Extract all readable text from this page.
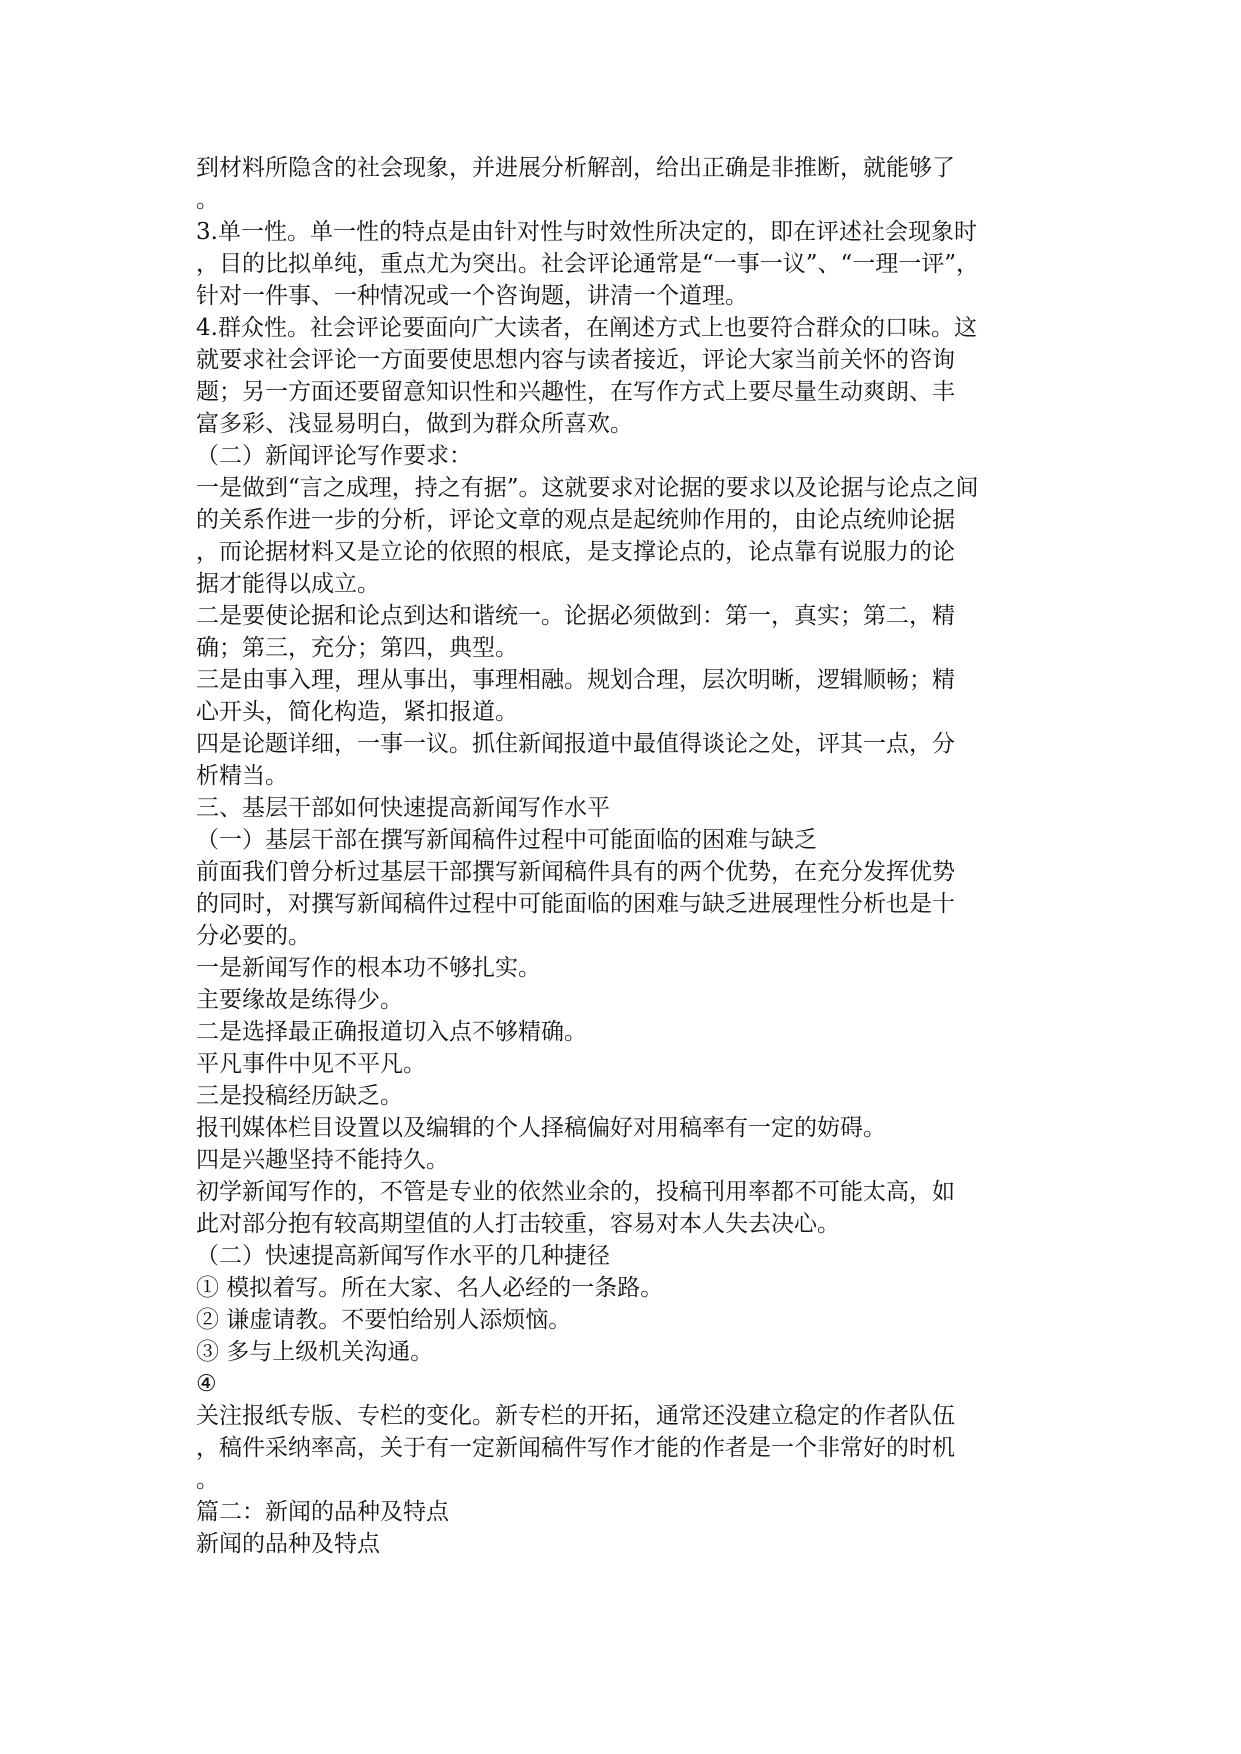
到材料所隐含的社会现象，并进展分析解剖，给出正确是非推断，就能够了
。
3.单一性。单一性的特点是由针对性与时效性所决定的，即在评述社会现象时
，目的比拟单纯，重点尤为突出。社会评论通常是“一事一议”、“一理一评”，
针对一件事、一种情况或一个咨询题，讲清一个道理。
4.群众性。社会评论要面向广大读者，在阐述方式上也要符合群众的口味。这
就要求社会评论一方面要使思想内容与读者接近，评论大家当前关怀的咨询
题；另一方面还要留意知识性和兴趣性，在写作方式上要尽量生动爽朗、丰
富多彩、浅显易明白，做到为群众所喜欢。
（二）新闻评论写作要求：
一是做到“言之成理，持之有据”。这就要求对论据的要求以及论据与论点之间
的关系作进一步的分析，评论文章的观点是起统帅作用的，由论点统帅论据
，而论据材料又是立论的依照的根底，是支撑论点的，论点靠有说服力的论
据才能得以成立。
二是要使论据和论点到达和谐统一。论据必须做到：第一，真实；第二，精
确；第三，充分；第四，典型。
三是由事入理，理从事出，事理相融。规划合理，层次明晰，逻辑顺畅；精
心开头，简化构造，紧扣报道。
四是论题详细，一事一议。抓住新闻报道中最值得谈论之处，评其一点，分
析精当。
三、基层干部如何快速提高新闻写作水平
（一）基层干部在撰写新闻稿件过程中可能面临的困难与缺乏
前面我们曾分析过基层干部撰写新闻稿件具有的两个优势，在充分发挥优势
的同时，对撰写新闻稿件过程中可能面临的困难与缺乏进展理性分析也是十
分必要的。
一是新闻写作的根本功不够扎实。
主要缘故是练得少。
二是选择最正确报道切入点不够精确。
平凡事件中见不平凡。
三是投稿经历缺乏。
报刊媒体栏目设置以及编辑的个人择稿偏好对用稿率有一定的妨碍。
四是兴趣坚持不能持久。
初学新闻写作的，不管是专业的依然业余的，投稿刊用率都不可能太高，如
此对部分抱有较高期望值的人打击较重，容易对本人失去决心。
（二）快速提高新闻写作水平的几种捷径
① 模拟着写。所在大家、名人必经的一条路。
② 谦虚请教。不要怕给别人添烦恼。
③ 多与上级机关沟通。
④
关注报纸专版、专栏的变化。新专栏的开拓，通常还没建立稳定的作者队伍
，稿件采纳率高，关于有一定新闻稿件写作才能的作者是一个非常好的时机
。
篇二：新闻的品种及特点
新闻的品种及特点
